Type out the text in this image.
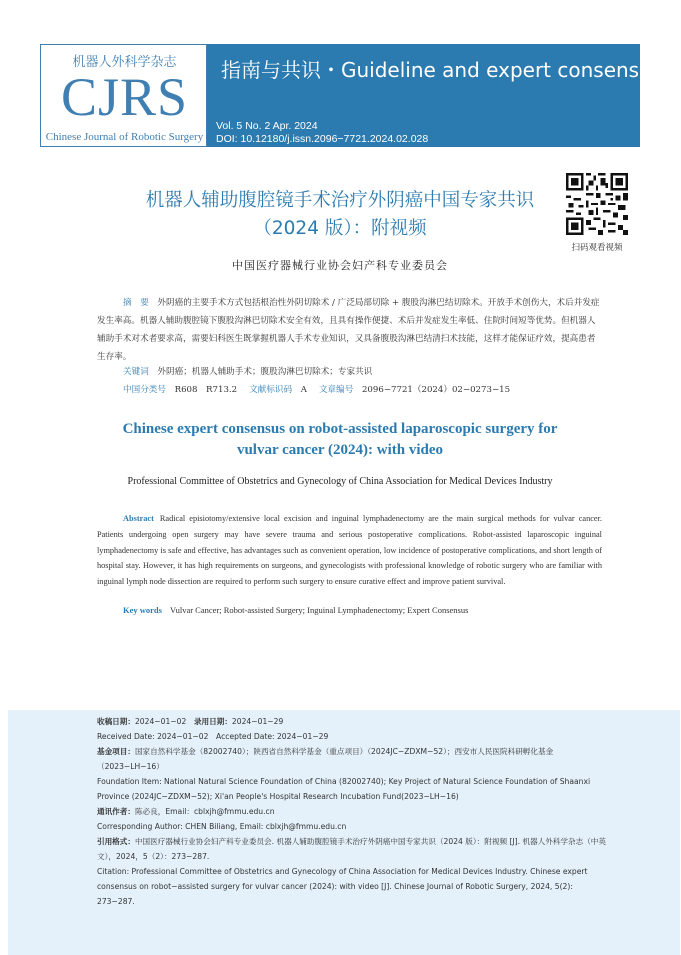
机器人外科学杂志
CJRS
Chinese Journal of Robotic Surgery
指南与共识・Guideline and expert consensus
Vol. 5 No. 2 Apr. 2024
DOI: 10.12180/j.issn.2096−7721.2024.02.028
扫码观看视频
机器人辅助腹腔镜手术治疗外阴癌中国专家共识
（2024 版）：附视频
中国医疗器械行业协会妇产科专业委员会
摘　要　 外阴癌的主要手术方式包括根治性外阴切除术 / 广泛局部切除 + 腹股沟淋巴结切除术。开放手术创伤大，术后并发症发生率高。机器人辅助腹腔镜下腹股沟淋巴切除术安全有效，且具有操作便捷、术后并发症发生率低、住院时间短等优势。但机器人辅助手术对术者要求高，需要妇科医生既掌握机器人手术专业知识，又具备腹股沟淋巴结清扫术技能，这样才能保证疗效，提高患者生存率。
关键词　 外阴癌；机器人辅助手术；腹股沟淋巴切除术；专家共识
中国分类号　 R608　R713.2 文献标识码　 A 文章编号　 2096−7721（2024）02−0273−15
Chinese expert consensus on robot-assisted laparoscopic surgery for
vulvar cancer (2024): with video
Professional Committee of Obstetrics and Gynecology of China Association for Medical Devices Industry
Abstract Radical episiotomy/extensive local excision and inguinal lymphadenectomy are the main surgical methods for vulvar cancer. Patients undergoing open surgery may have severe trauma and serious postoperative complications. Robot-assisted laparoscopic inguinal lymphadenectomy is safe and effective, has advantages such as convenient operation, low incidence of postoperative complications, and short length of hospital stay. However, it has high requirements on surgeons, and gynecologists with professional knowledge of robotic surgery who are familiar with inguinal lymph node dissection are required to perform such surgery to ensure curative effect and improve patient survival.
Key words Vulvar Cancer; Robot-assisted Surgery; Inguinal Lymphadenectomy; Expert Consensus

收稿日期：2024−01−02　 录用日期：2024−01−29

Received Date: 2024−01−02　Accepted Date: 2024−01−29

基金项目：国家自然科学基金（82002740）；陕西省自然科学基金（重点项目）（2024JC−ZDXM−52）；西安市人民医院科研孵化基金（2023−LH−16）

Foundation Item: National Natural Science Foundation of China (82002740); Key Project of Natural Science Foundation of Shaanxi Province (2024JC−ZDXM−52); Xi'an People's Hospital Research Incubation Fund(2023−LH−16)

通讯作者：陈必良，Email：cblxjh@fmmu.edu.cn

Corresponding Author: CHEN Biliang, Email: cblxjh@fmmu.edu.cn

引用格式：中国医疗器械行业协会妇产科专业委员会. 机器人辅助腹腔镜手术治疗外阴癌中国专家共识（2024 版）：附视频 [J]. 机器人外科学杂志（中英文），2024，5（2）：273−287.

Citation: Professional Committee of Obstetrics and Gynecology of China Association for Medical Devices Industry. Chinese expert consensus on robot−assisted surgery for vulvar cancer (2024): with video [J]. Chinese Journal of Robotic Surgery, 2024, 5(2): 273−287.
